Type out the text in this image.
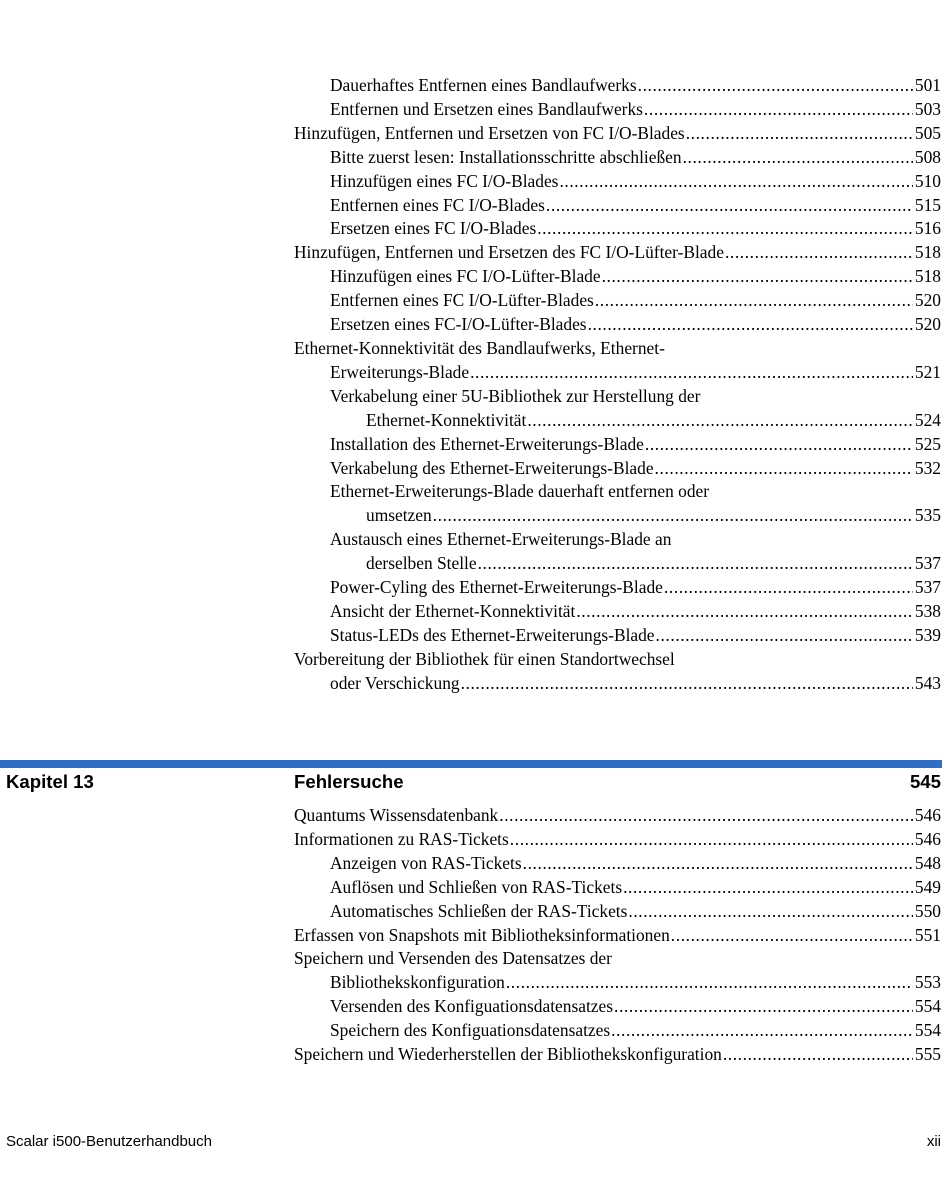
Dauerhaftes Entfernen eines Bandlaufwerks .....	501
Entfernen und Ersetzen eines Bandlaufwerks .....	503
Hinzufügen, Entfernen und Ersetzen von FC I/O-Blades .....	505
Bitte zuerst lesen: Installationsschritte abschließen .....	508
Hinzufügen eines FC I/O-Blades .....	510
Entfernen eines FC I/O-Blades .....	515
Ersetzen eines FC I/O-Blades .....	516
Hinzufügen, Entfernen und Ersetzen des FC I/O-Lüfter-Blade .....	518
Hinzufügen eines FC I/O-Lüfter-Blade .....	518
Entfernen eines FC I/O-Lüfter-Blades .....	520
Ersetzen eines FC-I/O-Lüfter-Blades .....	520
Ethernet-Konnektivität des Bandlaufwerks, Ethernet-
Erweiterungs-Blade .....	521
Verkabelung einer 5U-Bibliothek zur Herstellung der
Ethernet-Konnektivität .....	524
Installation des Ethernet-Erweiterungs-Blade .....	525
Verkabelung des Ethernet-Erweiterungs-Blade .....	532
Ethernet-Erweiterungs-Blade dauerhaft entfernen oder
umsetzen .....	535
Austausch eines Ethernet-Erweiterungs-Blade an
derselben Stelle .....	537
Power-Cyling des Ethernet-Erweiterungs-Blade .....	537
Ansicht der Ethernet-Konnektivität .....	538
Status-LEDs des Ethernet-Erweiterungs-Blade .....	539
Vorbereitung der Bibliothek für einen Standortwechsel
oder Verschickung .....	543
Kapitel 13	Fehlersuche	545
Quantums Wissensdatenbank .....	546
Informationen zu RAS-Tickets .....	546
Anzeigen von RAS-Tickets .....	548
Auflösen und Schließen von RAS-Tickets .....	549
Automatisches Schließen der RAS-Tickets .....	550
Erfassen von Snapshots mit Bibliotheksinformationen .....	551
Speichern und Versenden des Datensatzes der
Bibliothekskonfiguration .....	553
Versenden des Konfiguationsdatensatzes .....	554
Speichern des Konfiguationsdatensatzes .....	554
Speichern und Wiederherstellen der Bibliothekskonfiguration .....	555
Scalar i500-Benutzerhandbuch	xii
